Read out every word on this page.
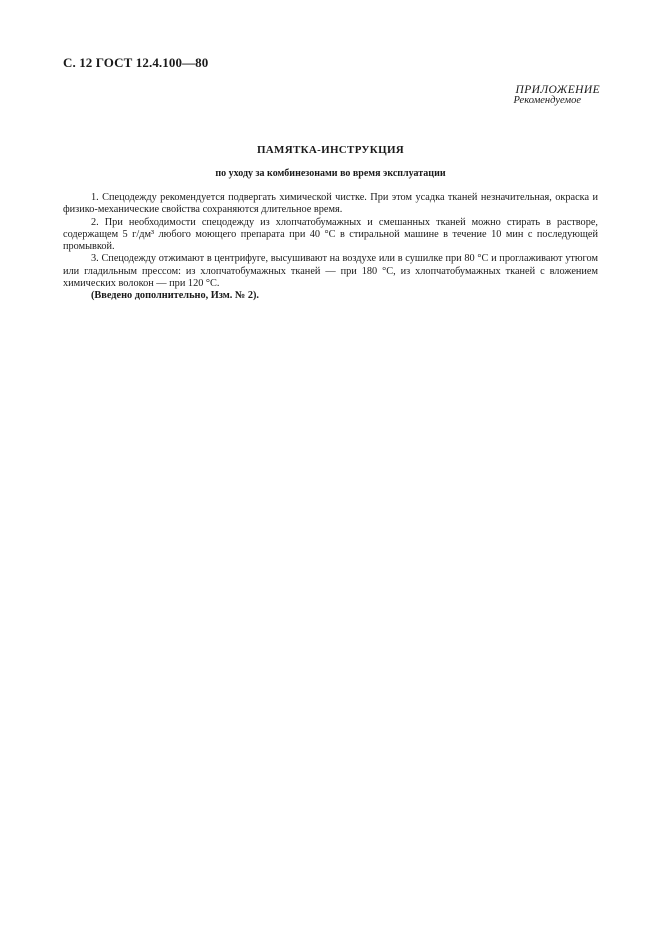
С. 12 ГОСТ 12.4.100—80
ПРИЛОЖЕНИЕ
Рекомендуемое
ПАМЯТКА-ИНСТРУКЦИЯ
по уходу за комбинезонами во время эксплуатации

1. Спецодежду рекомендуется подвергать химической чистке. При этом усадка тканей незначительная, окраска и физико-механические свойства сохраняются длительное время.

2. При необходимости спецодежду из хлопчатобумажных и смешанных тканей можно стирать в растворе, содержащем 5 г/дм³ любого моющего препарата при 40 °С в стиральной машине в течение 10 мин с последующей промывкой.

3. Спецодежду отжимают в центрифуге, высушивают на воздухе или в сушилке при 80 °С и проглаживают утюгом или гладильным прессом: из хлопчатобумажных тканей — при 180 °С, из хлопчатобумажных тканей с вложением химических волокон — при 120 °С.

(Введено дополнительно, Изм. № 2).
